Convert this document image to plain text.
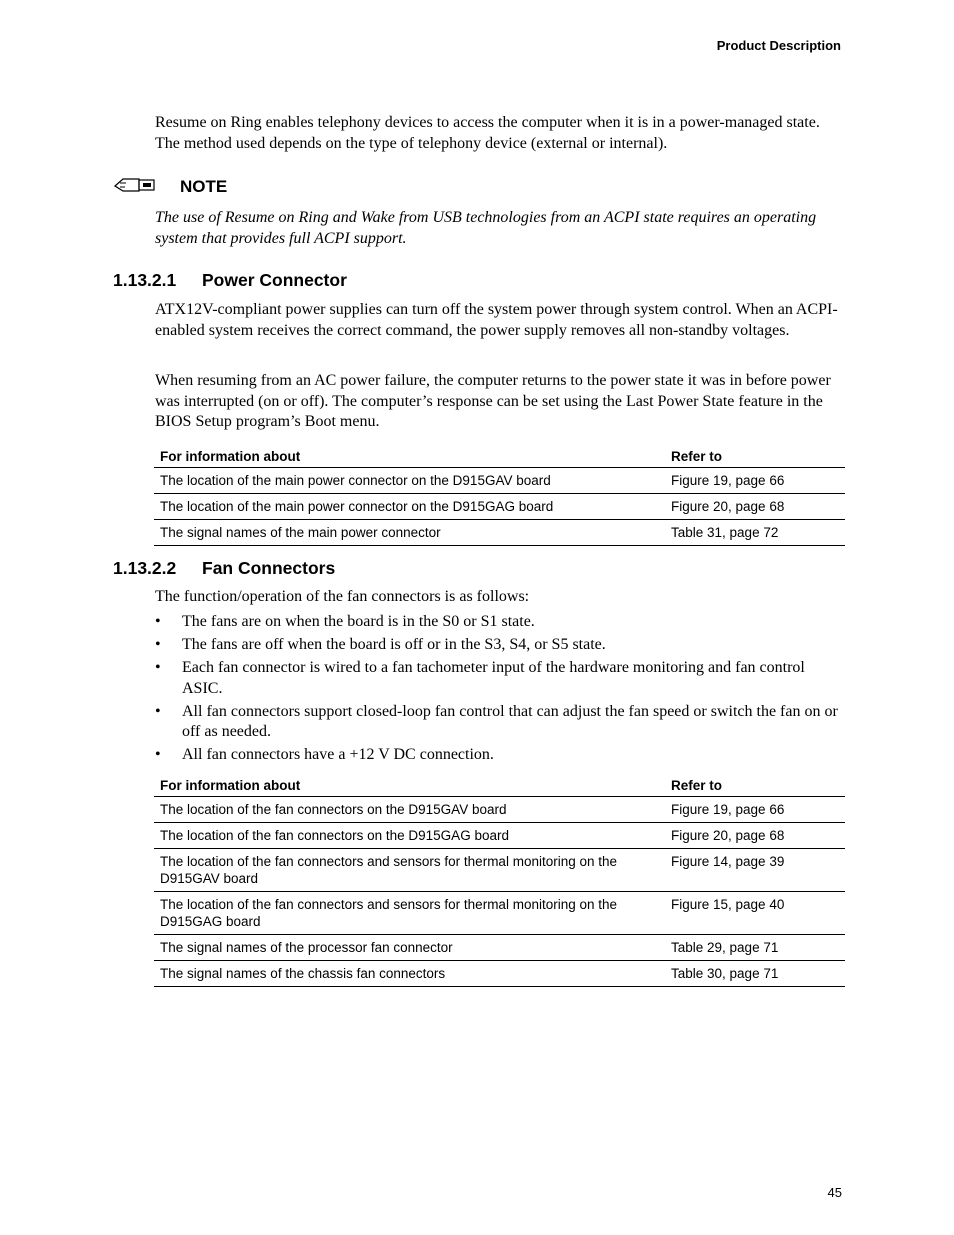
Product Description

Resume on Ring enables telephony devices to access the computer when it is in a power-managed state. The method used depends on the type of telephony device (external or internal).

NOTE

The use of Resume on Ring and Wake from USB technologies from an ACPI state requires an operating system that provides full ACPI support.

1.13.2.1 Power Connector

ATX12V-compliant power supplies can turn off the system power through system control. When an ACPI-enabled system receives the correct command, the power supply removes all non-standby voltages.

When resuming from an AC power failure, the computer returns to the power state it was in before power was interrupted (on or off). The computer’s response can be set using the Last Power State feature in the BIOS Setup program’s Boot menu.

For information about	Refer to
The location of the main power connector on the D915GAV board	Figure 19, page 66
The location of the main power connector on the D915GAG board	Figure 20, page 68
The signal names of the main power connector	Table 31, page 72
1.13.2.2 Fan Connectors

The function/operation of the fan connectors is as follows:

• The fans are on when the board is in the S0 or S1 state.
• The fans are off when the board is off or in the S3, S4, or S5 state.
• Each fan connector is wired to a fan tachometer input of the hardware monitoring and fan control ASIC.
• All fan connectors support closed-loop fan control that can adjust the fan speed or switch the fan on or off as needed.
• All fan connectors have a +12 V DC connection.
For information about	Refer to
The location of the fan connectors on the D915GAV board	Figure 19, page 66
The location of the fan connectors on the D915GAG board	Figure 20, page 68
The location of the fan connectors and sensors for thermal monitoring on the D915GAV board	Figure 14, page 39
The location of the fan connectors and sensors for thermal monitoring on the D915GAG board	Figure 15, page 40
The signal names of the processor fan connector	Table 29, page 71
The signal names of the chassis fan connectors	Table 30, page 71
45
